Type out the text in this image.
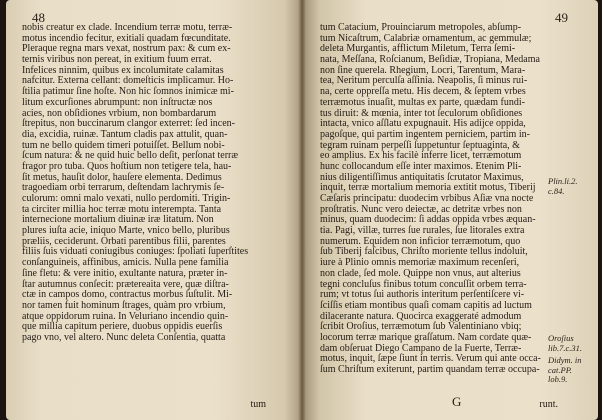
48
nobis creatur ex clade. Incendium terræ motu, terræ-
motus incendio fecitur, exitiali quadam fœcunditate.
Pleraque regna mars vexat, nostrum pax: & cum ex-
ternis viribus non pereat, in exitium fuum errat.
Infelices ninnim, quibus ex incolumitate calamitas
nafcitur. Externa cellant: domeſticis implicamur. Ho-
ſtilia patimur ſine hoſte. Non hic ſomnos inimicæ mi-
litum excurſiones abrumpunt: non inſtructæ nos
acies, non obſidiones vrbium, non bombardarum
ſtrepitus, non buccinarum clangor exterret: ſed incen-
dia, excidia, ruinæ. Tantum cladis pax attulit, quan-
tum ne bello quidem timeri potuiſſet. Bellum nobi-
ſcum natura: & ne quid huic bello deſit, perſonat terræ
fragor pro tuba. Quos hoſtium non tetigere tela, hau-
ſit metus, hauſit dolor, hauſere elementa. Dedimus
tragoediam orbi terrarum, deſtendam lachrymis ſe-
culorum: omni malo vexati, nullo perdomiti. Trigin-
ta circiter millia hoc terræ motu interempta. Tanta
internecione mortalium diuinæ iræ litatum. Non
plures iuſta acie, iniquo Marte, vnico bello, pluribus
præliis, ceciderunt. Orbati parentibus filii, parentes
filiis ſuis viduati coniugibus coniuges: ſpoliati ſuperſtites
conſanguineis, affinibus, amicis. Nulla pene familia
ſine fletu: & vere initio, exultante natura, præter in-
ſtar autumnus conſecit: prætereaita vere, quæ diſtra-
ctæ in campos domo, contractus morbus ſuſtulit. Mi-
nor tamen fuit hominum ſtrages, quàm pro vrbium,
atque oppidorum ruina. In Veluriano incendio quin-
que millia capitum periere, duobus oppidis euerſis
pago vno, vel altero. Nunc deleta Conſentia, quatta
tum
49
tum Catacium, Prouinciarum metropoles, abſump-
tum Nicaſtrum, Calabriæ ornamentum, ac gemmulæ;
deleta Murgantis, afflictum Miletum, Terra ſemi-
nata, Meſſana, Roſcianum, Beſidiæ, Tropiana, Medama
non ſine querela. Rhegium, Locri, Tarentum, Mara-
tea, Neritum perculſa aſſinia. Neapolis, ſi minus rui-
na, certe oppreſſa metu. His decem, & ſeptem vrbes
terræmotus inuaſit, multas ex parte, quædam fundi-
tus diruit: & mœnia, inter tot ſeculorum obſidiones
intacta, vnico aſſlatu expugnauit. His adijce oppida,
pagoſque, qui partim ingentem perniciem, partim in-
tegram ruinam perpeſſi ſuppetuntur ſeptuaginta, &
eo amplius. Ex his facilè inferre licet, terræmotum
hunc collocandum eſſe inter maximos. Etenim Pli-
nius diligentiſſimus antiquitatis ſcrutator Maximus,
inquit, terræ mortalium memoria extitit motus, Tiberij
Cæſaris principatu: duodecim vrbibus Aſiæ vna nocte
proſtratis. Nunc vero deiectæ, ac detritæ vrbes non
minus, quam duodecim: ſi addas oppida vrbes æquan-
tia. Pagi, villæ, turres ſue rurales, ſue litorales extra
numerum. Equidem non inficior terræmotum, quo
ſub Tiberij faſcibus, Chriſto moriente tellus indoluit,
iure à Plinio omnis memoriæ maximum recenſeri,
non clade, ſed mole. Quippe non vnus, aut alterius
tegni concluſus finibus totum concuſſit orbem terra-
rum; vt totus ſui authoris interitum perſentiſcere vi-
ſciſſis etiam montibus quaſi comam capitis ad luctum
dilacerante natura. Quocirca exaggeraté admodum
ſcribit Oroſius, terræmotum ſub Valentiniano vbiq;
locorum terræ marique graſſatum. Nam cordate quæ-
dam obſeruat Diego Campano de la Fuerte, Terræ-
motus, inquit, ſæpe ſiunt in terris. Verum qui ante occa-
ſum Chriſtum exiterunt, partim quandam terræ occupa-
Plin.li.2.
c.84.
Oroſius
lib.7.c.31.
Didym. in
cat.PP.
lob.9.
G	runt.
